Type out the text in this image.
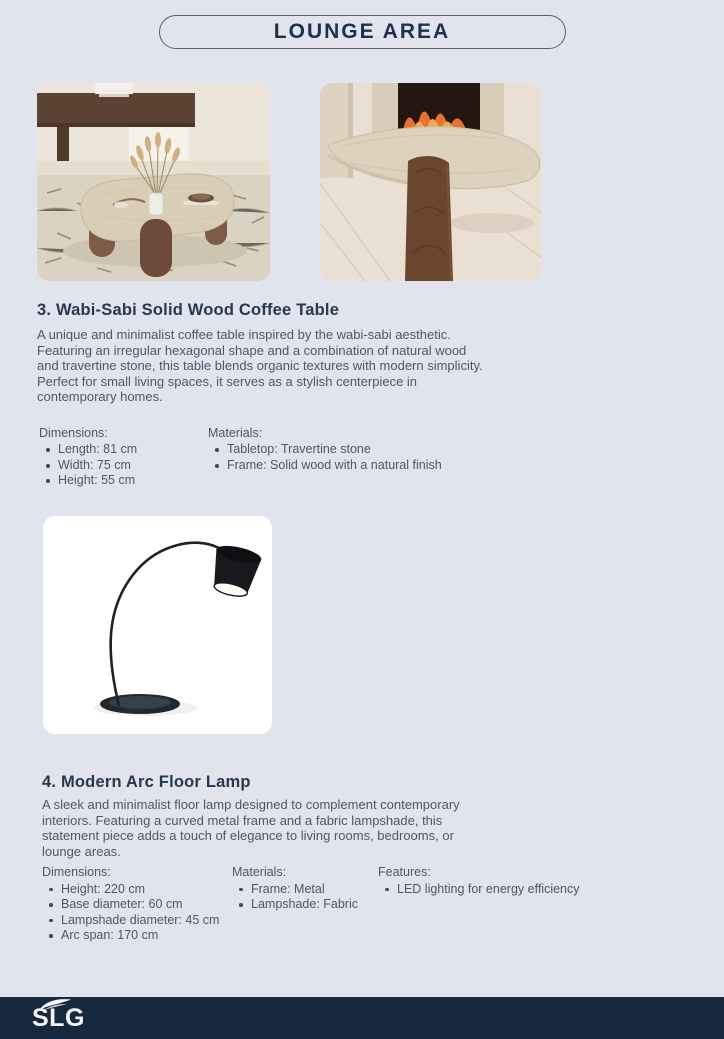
LOUNGE AREA
3. Wabi-Sabi Solid Wood Coffee Table

A unique and minimalist coffee table inspired by the wabi-sabi aesthetic. Featuring an irregular hexagonal shape and a combination of natural wood and travertine stone, this table blends organic textures with modern simplicity. Perfect for small living spaces, it serves as a stylish centerpiece in contemporary homes.

Dimensions:
Length: 81 cm
Width: 75 cm
Height: 55 cm
Materials:
Tabletop: Travertine stone
Frame: Solid wood with a natural finish
4. Modern Arc Floor Lamp

A sleek and minimalist floor lamp designed to complement contemporary interiors. Featuring a curved metal frame and a fabric lampshade, this statement piece adds a touch of elegance to living rooms, bedrooms, or lounge areas.

Dimensions:
Height: 220 cm
Base diameter: 60 cm
Lampshade diameter: 45 cm
Arc span: 170 cm
Materials:
Frame: Metal
Lampshade: Fabric
Features:
LED lighting for energy efficiency
SLG
